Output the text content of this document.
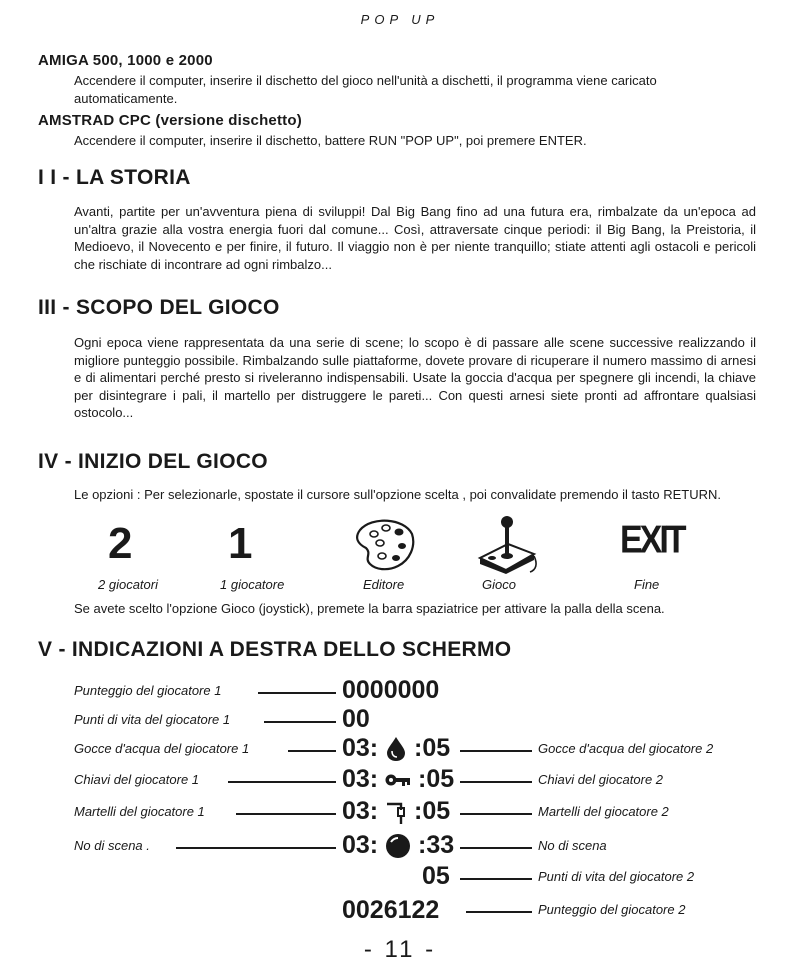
POP UP
AMIGA 500, 1000 e 2000
Accendere il computer, inserire il dischetto del gioco nell'unità a dischetti, il programma viene caricato
automaticamente.
AMSTRAD CPC (versione dischetto)
Accendere il computer, inserire il dischetto, battere RUN "POP UP", poi premere ENTER.
I I - LA STORIA
Avanti, partite per un'avventura piena di sviluppi! Dal Big Bang fino ad una futura era, rimbalzate da un'epoca ad un'altra grazie alla vostra energia fuori dal comune... Così, attraversate cinque periodi: il Big Bang, la Preistoria, il Medioevo, il Novecento e per finire, il futuro. Il viaggio non è per niente tranquillo; stiate attenti agli ostacoli e pericoli che rischiate di incontrare ad ogni rimbalzo...
III - SCOPO DEL GIOCO
Ogni epoca viene rappresentata da una serie di scene; lo scopo è di passare alle scene successive realizzando il migliore punteggio possibile. Rimbalzando sulle piattaforme, dovete provare di ricuperare il numero massimo di arnesi e di alimentari perché presto si riveleranno indispensabili. Usate la goccia d'acqua per spegnere gli incendi, la chiave per disintegrare i pali, il martello per distruggere le pareti... Con questi arnesi siete pronti ad affrontare qualsiasi ostocolo...
IV - INIZIO DEL GIOCO
Le opzioni : Per selezionarle, spostate il cursore sull'opzione scelta , poi convalidate premendo il tasto RETURN.
2 1	EXIT
2 giocatori	1 giocatore	Editore	Gioco	Fine
Se avete scelto l'opzione Gioco (joystick), premete la barra spaziatrice per attivare la palla della scena.
V - INDICAZIONI A DESTRA DELLO SCHERMO
Punteggio del giocatore 1	0000000
Punti di vita del giocatore 1	00
Gocce d'acqua del giocatore 1	03: :05	Gocce d'acqua del giocatore 2
Chiavi del giocatore 1	03: :05	Chiavi del giocatore 2
Martelli del giocatore 1	03: :05	Martelli del giocatore 2
No di scena .	03: :33	No di scena
05	Punti di vita del giocatore 2
0026122	Punteggio del giocatore 2
- 11 -
